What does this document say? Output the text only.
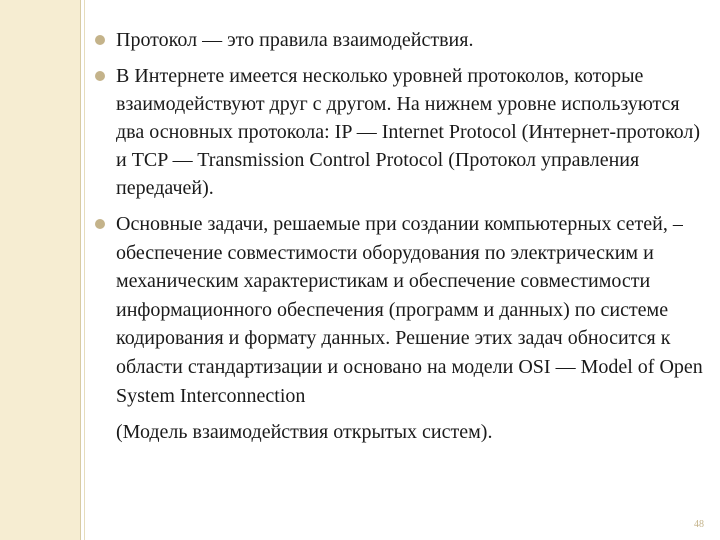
Протокол — это правила взаимодействия.
В Интернете имеется несколько уровней протоколов, которые взаимодействуют друг с другом. На нижнем уровне используются два основных протокола: IP — Internet Protocol (Интернет-протокол) и TCP — Transmission Control Protocol (Протокол управления передачей).
Основные задачи, решаемые при создании компьютерных сетей, – обеспечение совместимости оборудования по электрическим и механическим характеристикам и обеспечение совместимости информационного обеспечения (программ и данных) по системе кодирования и формату данных. Решение этих задач обносится к области стандартизации и основано на модели OSI — Model of Open System Interconnection
(Модель взаимодействия открытых систем).
48
